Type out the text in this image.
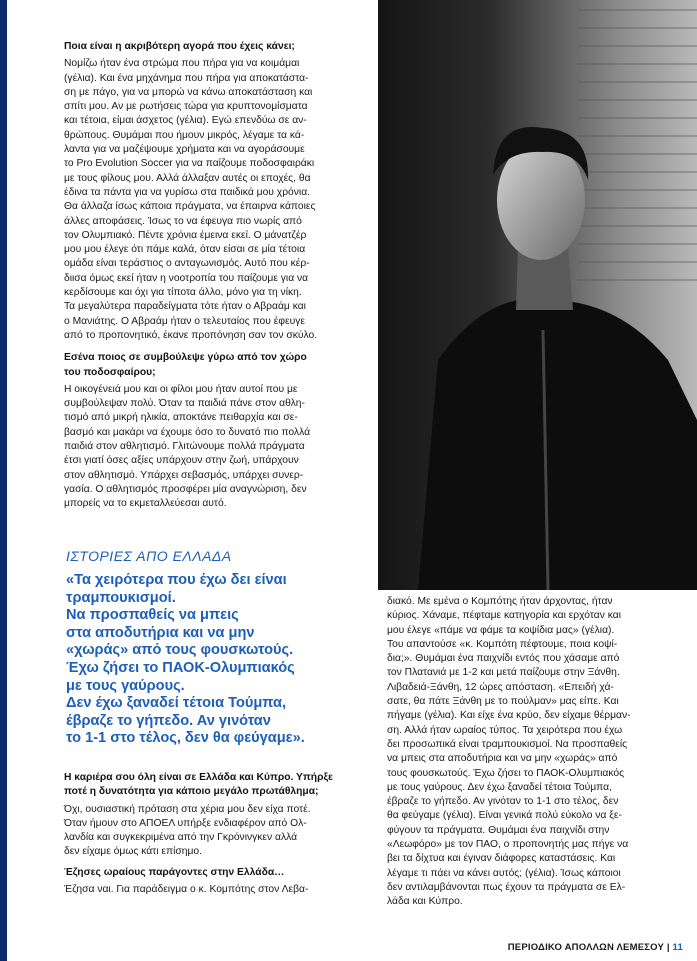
Ποια είναι η ακριβότερη αγορά που έχεις κάνει;

Νομίζω ήταν ένα στρώμα που πήρα για να κοιμάμαι

(γέλια). Και ένα μηχάνημα που πήρα για αποκατάστα-

ση με πάγο, για να μπορώ να κάνω αποκατάσταση και

σπίτι μου. Αν με ρωτήσεις τώρα για κρυπτονομίσματα

και τέτοια, είμαι άσχετος (γέλια). Εγώ επενδύω σε αν-

θρώπους. Θυμάμαι που ήμουν μικρός, λέγαμε τα κά-

λαντα για να μαζέψουμε χρήματα και να αγοράσουμε

το Pro Evolution Soccer για να παίζουμε ποδοσφαιράκι

με τους φίλους μου. Αλλά άλλαξαν αυτές οι εποχές, θα

έδινα τα πάντα για να γυρίσω στα παιδικά μου χρόνια.

Θα άλλαζα ίσως κάποια πράγματα, να έπαιρνα κάποιες

άλλες αποφάσεις. Ίσως το να έφευγα πιο νωρίς από

τον Ολυμπιακό. Πέντε χρόνια έμεινα εκεί. Ο μάνατζέρ

μου μου έλεγε ότι πάμε καλά, όταν είσαι σε μία τέτοια

ομάδα είναι τεράστιος ο ανταγωνισμός. Αυτό που κέρ-

διισα όμως εκεί ήταν η νοοτροπία του παίζουμε για να

κερδίσουμε και όχι για τίποτα άλλο, μόνο για τη νίκη.

Τα μεγαλύτερα παραδείγματα τότε ήταν ο Αβραάμ και

ο Μανιάτης. Ο Αβραάμ ήταν ο τελευταίος που έφευγε

από το προπονητικό, έκανε προπόνηση σαν τον σκύλο.

Εσένα ποιος σε συμβούλεψε γύρω από τον χώρο

του ποδοσφαίρου;

Η οικογένειά μου και οι φίλοι μου ήταν αυτοί που με

συμβούλεψαν πολύ. Όταν τα παιδιά πάνε στον αθλη-

τισμό από μικρή ηλικία, αποκτάνε πειθαρχία και σε-

βασμό και μακάρι να έχουμε όσο το δυνατό πιο πολλά

παιδιά στον αθλητισμό. Γλιτώνουμε πολλά πράγματα

έτσι γιατί όσες αξίες υπάρχουν στην ζωή, υπάρχουν

στον αθλητισμό. Υπάρχει σεβασμός, υπάρχει συνερ-

γασία. Ο αθλητισμός προσφέρει μία αναγνώριση, δεν

μπορείς να το εκμεταλλεύεσαι αυτό.

ΙΣΤΟΡΙΕΣ ΑΠΟ ΕΛΛΑΔΑ
«Τα χειρότερα που έχω δει είναι
τραμπουκισμοί.
Να προσπαθείς να μπεις
στα αποδυτήρια και να μην
«χωράς» από τους φουσκωτούς.
Έχω ζήσει το ΠΑΟΚ-Ολυμπιακός
με τους γαύρους.
Δεν έχω ξαναδεί τέτοια Τούμπα,
έβραζε το γήπεδο. Αν γινόταν
το 1-1 στο τέλος, δεν θα φεύγαμε».

Η καριέρα σου όλη είναι σε Ελλάδα και Κύπρο. Υπήρξε

ποτέ η δυνατότητα για κάποιο μεγάλο πρωτάθλημα;

Όχι, ουσιαστική πρόταση στα χέρια μου δεν είχα ποτέ.

Όταν ήμουν στο ΑΠΟΕΛ υπήρξε ενδιαφέρον από Ολ-

λανδία και συγκεκριμένα από την Γκρόνινγκεν αλλά

δεν είχαμε όμως κάτι επίσημο.

Έζησες ωραίους παράγοντες στην Ελλάδα…

Έζησα ναι. Για παράδειγμα ο κ. Κομπότης στον Λεβα-

διακό. Με εμένα ο Κομπότης ήταν άρχοντας, ήταν

κύριος. Χάναμε, πέφταμε κατηγορία και ερχόταν και

μου έλεγε «πάμε να φάμε τα κοψίδια μας» (γέλια).

Του απαντούσε «κ. Κομπότη πέφτουμε, ποια κοψί-

δια;». Θυμάμαι ένα παιχνίδι εντός που χάσαμε από

τον Πλατανιά με 1-2 και μετά παίζουμε στην Ξάνθη.

Λιβαδειά-Ξάνθη, 12 ώρες απόσταση. «Επειδή χά-

σατε, θα πάτε Ξάνθη με το πούλμαν» μας είπε. Και

πήγαμε (γέλια). Και είχε ένα κρύο, δεν είχαμε θέρμαν-

ση. Αλλά ήταν ωραίος τύπος. Τα χειρότερα που έχω

δει προσωπικά είναι τραμπουκισμοί. Να προσπαθείς

να μπεις στα αποδυτήρια και να μην «χωράς» από

τους φουσκωτούς. Έχω ζήσει το ΠΑΟΚ-Ολυμπιακός

με τους γαύρους. Δεν έχω ξαναδεί τέτοια Τούμπα,

έβραζε το γήπεδο. Αν γινόταν το 1-1 στο τέλος, δεν

θα φεύγαμε (γέλια). Είναι γενικά πολύ εύκολο να ξε-

φύγουν τα πράγματα. Θυμάμαι ένα παιχνίδι στην

«Λεωφόρο» με τον ΠΑΟ, ο προπονητής μας πήγε να

βει τα δίχτυα και έγιναν διάφορες καταστάσεις. Και

λέγαμε τι πάει να κάνει αυτός; (γέλια). Ίσως κάποιοι

δεν αντιλαμβάνονται πως έχουν τα πράγματα σε Ελ-

λάδα και Κύπρο.

ΠΕΡΙΟΔΙΚΟ ΑΠΟΛΛΩΝ ΛΕΜΕΣΟΥ | 11
